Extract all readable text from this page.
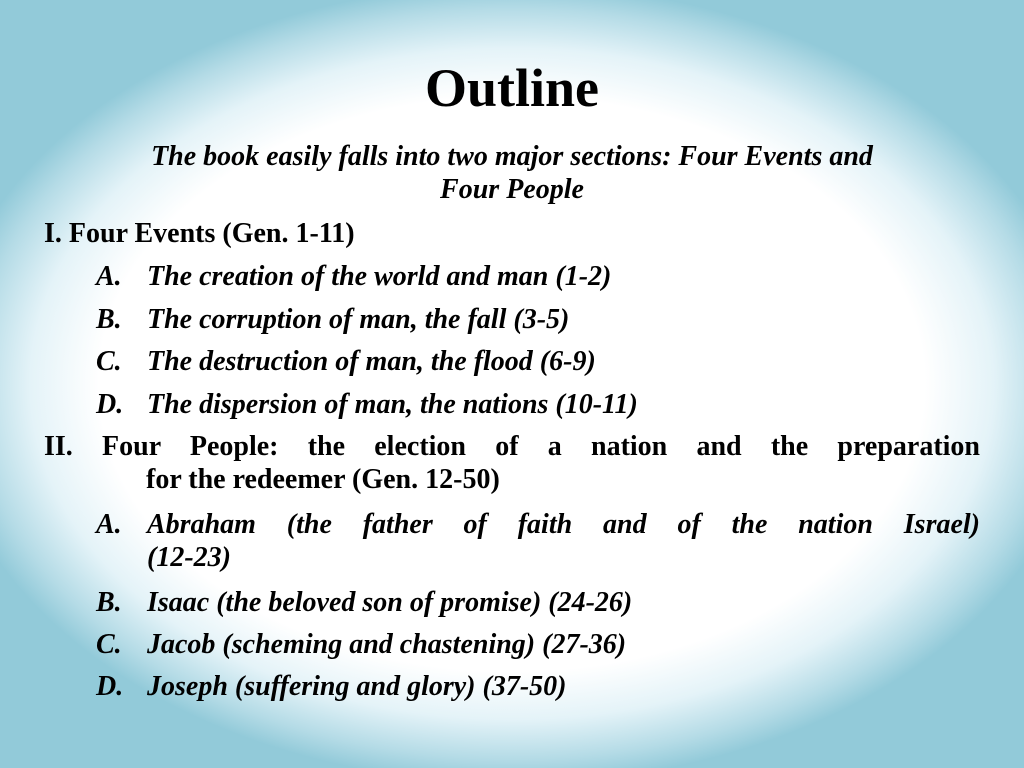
Outline
The book easily falls into two major sections: Four Events and
Four People
I. Four Events (Gen. 1-11)
A. The creation of the world and man (1-2)
B. The corruption of man, the fall (3-5)
C. The destruction of man, the flood (6-9)
D. The dispersion of man, the nations (10-11)
II. Four People: the election of a nation and the preparation
for the redeemer (Gen. 12-50)
A. Abraham (the father of faith and of the nation Israel)
(12-23)
B. Isaac (the beloved son of promise) (24-26)
C. Jacob (scheming and chastening) (27-36)
D. Joseph (suffering and glory) (37-50)
